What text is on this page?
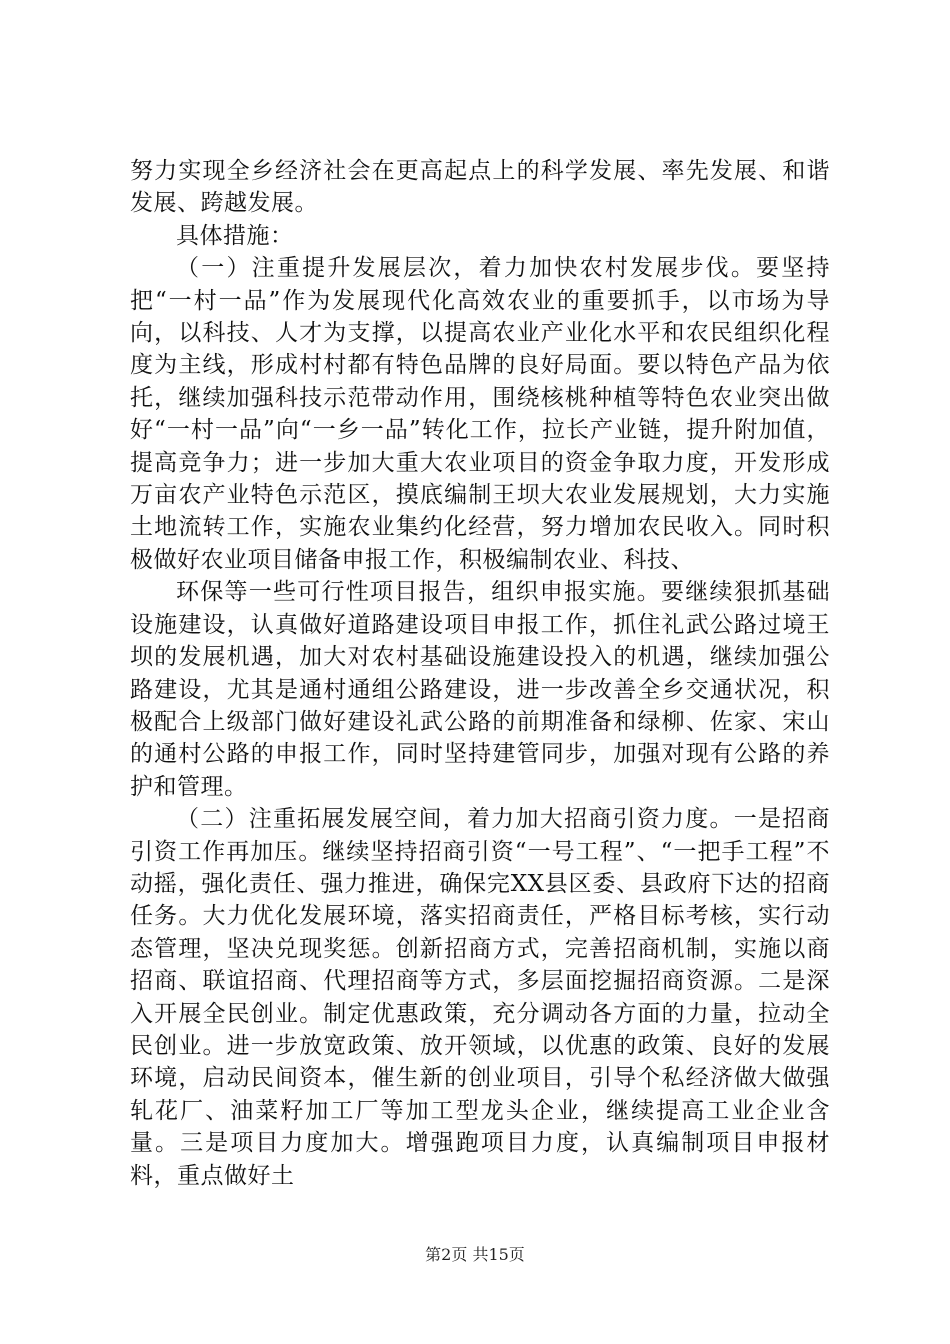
努力实现全乡经济社会在更高起点上的科学发展、率先发展、和谐发展、跨越发展。

具体措施：

（一）注重提升发展层次，着力加快农村发展步伐。要坚持把“一村一品”作为发展现代化高效农业的重要抓手，以市场为导向，以科技、人才为支撑，以提高农业产业化水平和农民组织化程度为主线，形成村村都有特色品牌的良好局面。要以特色产品为依托，继续加强科技示范带动作用，围绕核桃种植等特色农业突出做好“一村一品”向“一乡一品”转化工作，拉长产业链，提升附加值，提高竞争力；进一步加大重大农业项目的资金争取力度，开发形成万亩农产业特色示范区，摸底编制王坝大农业发展规划，大力实施土地流转工作，实施农业集约化经营，努力增加农民收入。同时积极做好农业项目储备申报工作，积极编制农业、科技、

环保等一些可行性项目报告，组织申报实施。要继续狠抓基础设施建设，认真做好道路建设项目申报工作，抓住礼武公路过境王坝的发展机遇，加大对农村基础设施建设投入的机遇，继续加强公路建设，尤其是通村通组公路建设，进一步改善全乡交通状况，积极配合上级部门做好建设礼武公路的前期准备和绿柳、佐家、宋山的通村公路的申报工作，同时坚持建管同步，加强对现有公路的养护和管理。

（二）注重拓展发展空间，着力加大招商引资力度。一是招商引资工作再加压。继续坚持招商引资“一号工程”、“一把手工程”不动摇，强化责任、强力推进，确保完XX县区委、县政府下达的招商任务。大力优化发展环境，落实招商责任，严格目标考核，实行动态管理，坚决兑现奖惩。创新招商方式，完善招商机制，实施以商招商、联谊招商、代理招商等方式，多层面挖掘招商资源。二是深入开展全民创业。制定优惠政策，充分调动各方面的力量，拉动全民创业。进一步放宽政策、放开领域，以优惠的政策、良好的发展环境，启动民间资本，催生新的创业项目，引导个私经济做大做强轧花厂、油菜籽加工厂等加工型龙头企业，继续提高工业企业含量。三是项目力度加大。增强跑项目力度，认真编制项目申报材料，重点做好土

第2页 共15页
